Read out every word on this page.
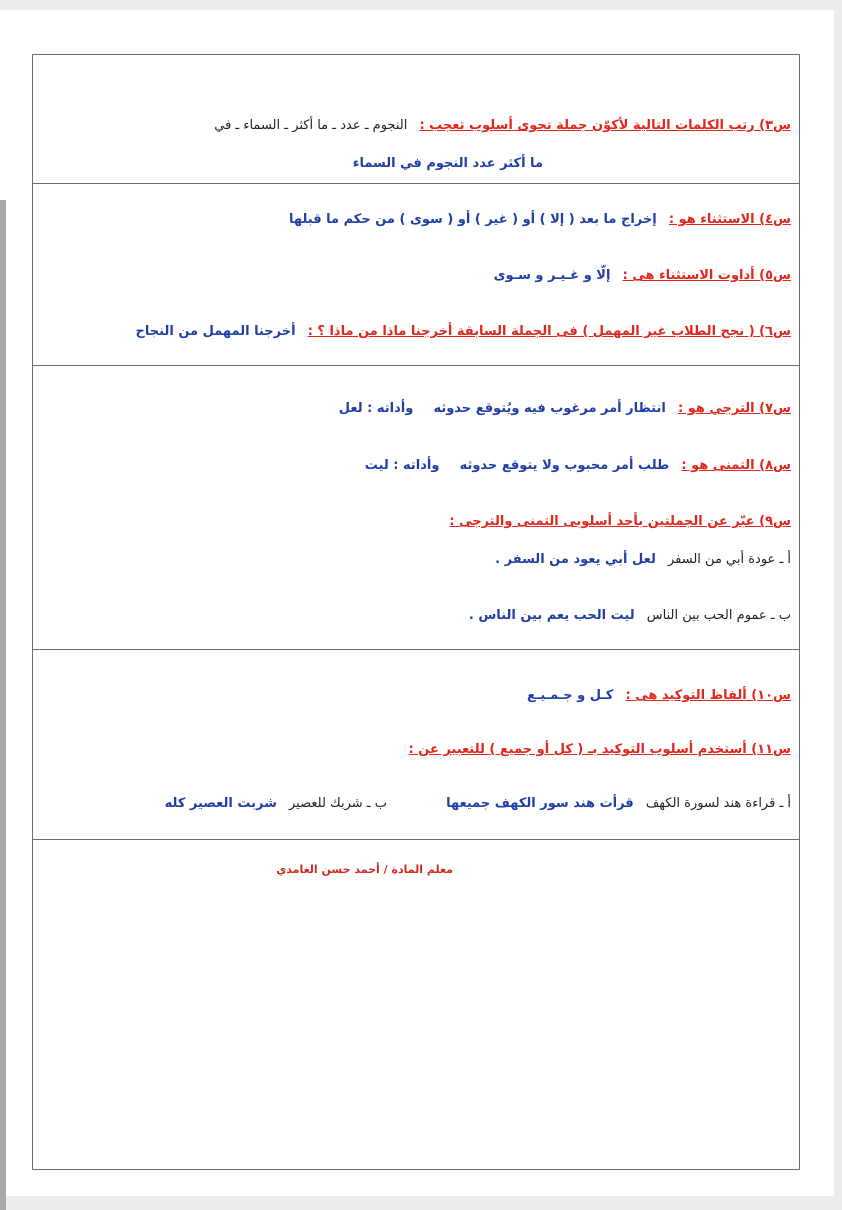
س٣) رتب الكلمات التالية لأكوّن جملة تحوى أسلوب تعجب : النجوم ـ عدد ـ ما أكثر ـ السماء ـ في
ما أكثر عدد النجوم في السماء
س٤) الاستثناء هو : إخراج ما بعد ( إلا ) أو ( غير ) أو ( سوى ) من حكم ما قبلها
س٥) أداوت الاستثناء هى : إلّا و غـيـر و سـوى
س٦) ( نجح الطلاب غير المهمل ) فى الجملة السابقة أخرجنا ماذا من ماذا ؟ : أخرجنا المهمل من النجاح
س٧) الترجي هو : انتظار أمر مرغوب فيه ويُتوقع حدوثه وأداته : لعل
س٨) التمنى هو : طلب أمر محبوب ولا يتوقع حدوثه وأداته : ليت
س٩) عبّر عن الجملتين بأحد أسلوبى التمنى والترجى :
أ ـ عودة أبي من السفر لعل أبي يعود من السفر .
ب ـ عموم الحب بين الناس ليت الحب يعم بين الناس .
س١٠) ألفاظ التوكيد هى : كـل و جـمـيـع
س١١) أستخدم أسلوب التوكيد بـ ( كل أو جميع ) للتعبير عن :
أ ـ قراءة هند لسورة الكهف قرأت هند سور الكهف جميعها
ب ـ شربك للعصير شربت العصير كله
معلم المادة / أحمد حسن الغامدي
